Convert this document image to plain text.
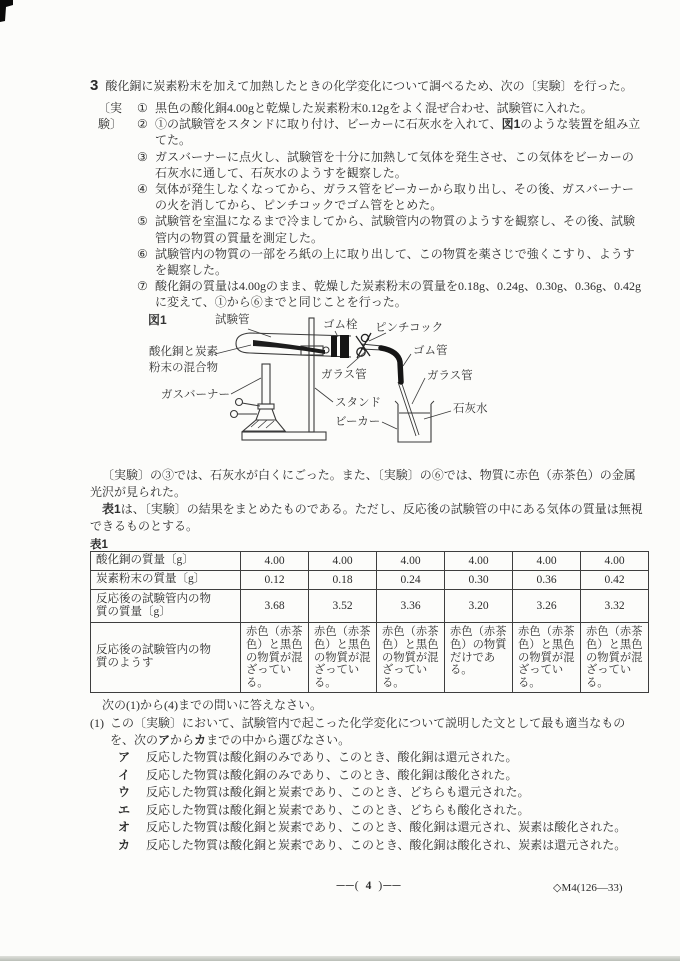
3 酸化銅に炭素粉末を加えて加熱したときの化学変化について調べるため、次の〔実験〕を行った。
〔実験〕
① 黒色の酸化銅4.00gと乾燥した炭素粉末0.12gをよく混ぜ合わせ、試験管に入れた。
② ①の試験管をスタンドに取り付け、ビーカーに石灰水を入れて、図1のような装置を組み立てた。
③ ガスバーナーに点火し、試験管を十分に加熱して気体を発生させ、この気体をビーカーの石灰水に通して、石灰水のようすを観察した。
④ 気体が発生しなくなってから、ガラス管をビーカーから取り出し、その後、ガスバーナーの火を消してから、ピンチコックでゴム管をとめた。
⑤ 試験管を室温になるまで冷ましてから、試験管内の物質のようすを観察し、その後、試験管内の物質の質量を測定した。
⑥ 試験管内の物質の一部をろ紙の上に取り出して、この物質を薬さじで強くこすり、ようすを観察した。
⑦ 酸化銅の質量は4.00gのまま、乾燥した炭素粉末の質量を0.18g、0.24g、0.30g、0.36g、0.42gに変えて、①から⑥までと同じことを行った。
図1	試験管	ゴム栓 ピンチコック
酸化銅と炭素
粉末の混合物
ガラス管
ゴム管
ガラス管
ガスバーナー
スタンド
ビーカー
石灰水

〔実験〕の③では、石灰水が白くにごった。また、〔実験〕の⑥では、物質に赤色（赤茶色）の金属光沢が見られた。

表1は、〔実験〕の結果をまとめたものである。ただし、反応後の試験管の中にある気体の質量は無視できるものとする。

表1
酸化銅の質量〔g〕	4.00	4.00	4.00	4.00	4.00	4.00
炭素粉末の質量〔g〕	0.12	0.18	0.24	0.30	0.36	0.42
反応後の試験管内の物質の質量〔g〕	3.68	3.52	3.36	3.20	3.26	3.32
反応後の試験管内の物質のようす	赤色（赤茶色）と黒色の物質が混ざっている。	赤色（赤茶色）と黒色の物質が混ざっている。	赤色（赤茶色）と黒色の物質が混ざっている。	赤色（赤茶色）の物質だけである。	赤色（赤茶色）と黒色の物質が混ざっている。	赤色（赤茶色）と黒色の物質が混ざっている。

次の(1)から(4)までの問いに答えなさい。

(1) この〔実験〕において、試験管内で起こった化学変化について説明した文として最も適当なものを、次のアからカまでの中から選びなさい。
ア	反応した物質は酸化銅のみであり、このとき、酸化銅は還元された。
イ	反応した物質は酸化銅のみであり、このとき、酸化銅は酸化された。
ウ	反応した物質は酸化銅と炭素であり、このとき、どちらも還元された。
エ	反応した物質は酸化銅と炭素であり、このとき、どちらも酸化された。
オ	反応した物質は酸化銅と炭素であり、このとき、酸化銅は還元され、炭素は酸化された。
カ	反応した物質は酸化銅と炭素であり、このとき、酸化銅は酸化され、炭素は還元された。
──( 4 )──	◇M4(126—33)
